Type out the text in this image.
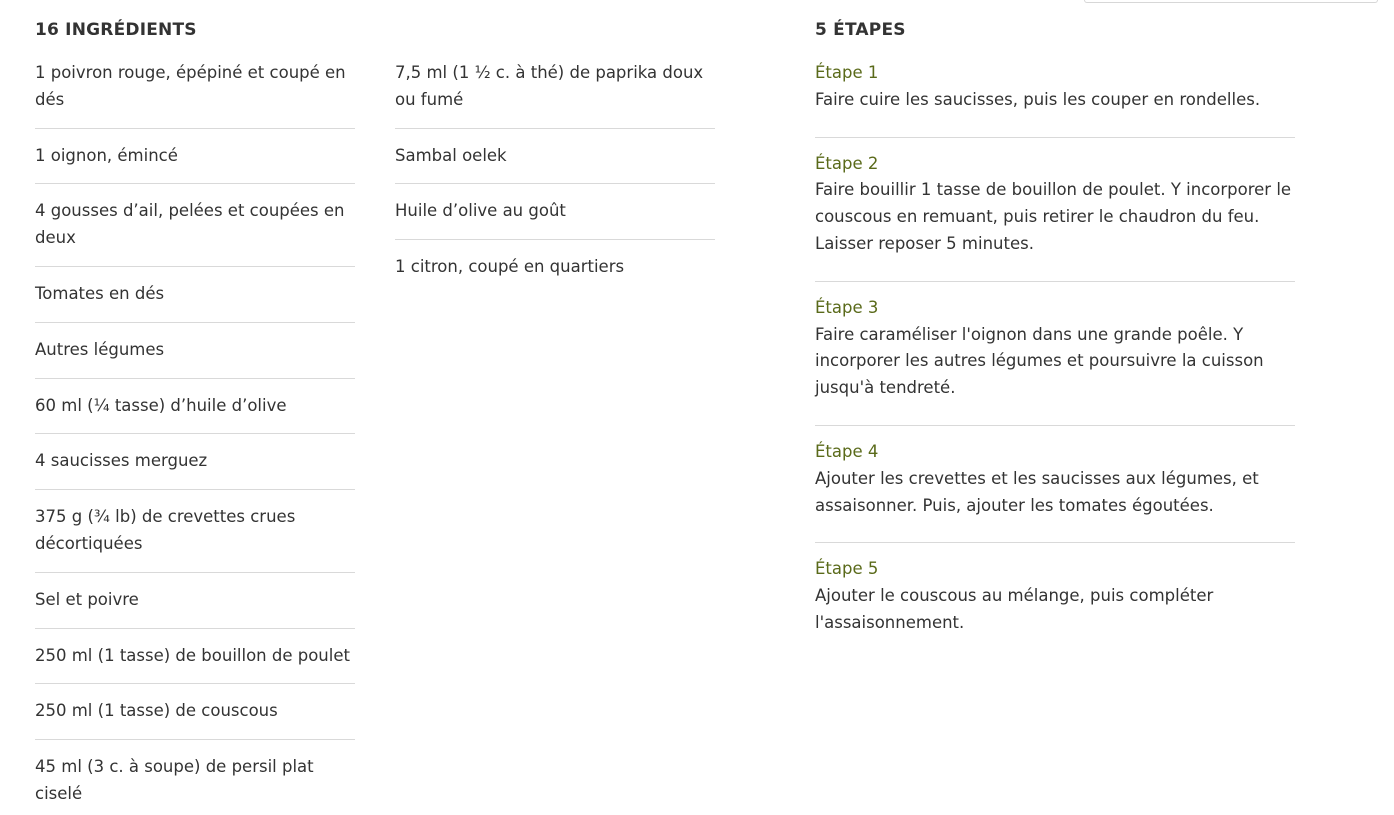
16 INGRÉDIENTS
1 poivron rouge, épépiné et coupé en dés
1 oignon, émincé
4 gousses d’ail, pelées et coupées en deux
Tomates en dés
Autres légumes
60 ml (¼ tasse) d’huile d’olive
4 saucisses merguez
375 g (¾ lb) de crevettes crues décortiquées
Sel et poivre
250 ml (1 tasse) de bouillon de poulet
250 ml (1 tasse) de couscous
45 ml (3 c. à soupe) de persil plat ciselé
7,5 ml (1 ½ c. à thé) de paprika doux ou fumé
Sambal oelek
Huile d’olive au goût
1 citron, coupé en quartiers
5 ÉTAPES
Étape 1
Faire cuire les saucisses, puis les couper en rondelles.
Étape 2
Faire bouillir 1 tasse de bouillon de poulet. Y incorporer le couscous en remuant, puis retirer le chaudron du feu. Laisser reposer 5 minutes.
Étape 3
Faire caraméliser l'oignon dans une grande poêle. Y incorporer les autres légumes et poursuivre la cuisson jusqu'à tendreté.
Étape 4
Ajouter les crevettes et les saucisses aux légumes, et assaisonner. Puis, ajouter les tomates égoutées.
Étape 5
Ajouter le couscous au mélange, puis compléter l'assaisonnement.
